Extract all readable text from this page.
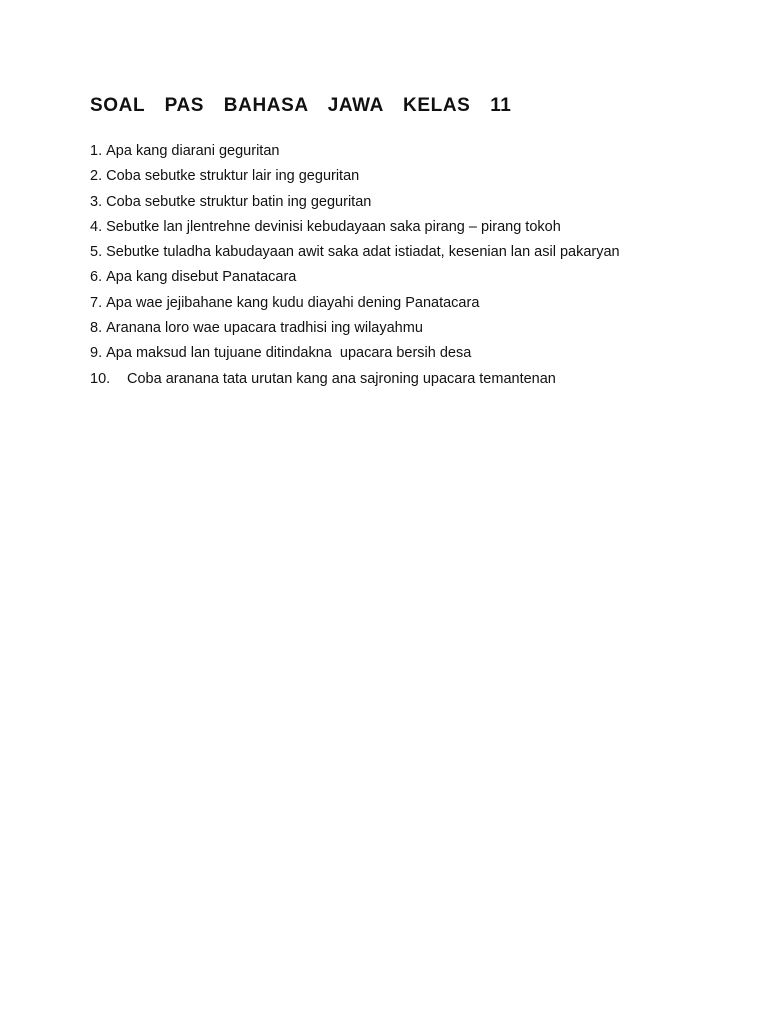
SOAL  PAS  BAHASA  JAWA  KELAS  11
1.
Apa kang diarani geguritan
2.
Coba sebutke struktur lair ing geguritan
3.
Coba sebutke struktur batin ing geguritan
4.
Sebutke lan jlentrehne devinisi kebudayaan saka pirang – pirang tokoh
5.
Sebutke tuladha kabudayaan awit saka adat istiadat, kesenian lan asil pakaryan
6.
Apa kang disebut Panatacara
7.
Apa wae jejibahane kang kudu diayahi dening Panatacara
8.
Aranana loro wae upacara tradhisi ing wilayahmu
9.
Apa maksud lan tujuane ditindakna  upacara bersih desa
10.	Coba aranana tata urutan kang ana sajroning upacara temantenan
